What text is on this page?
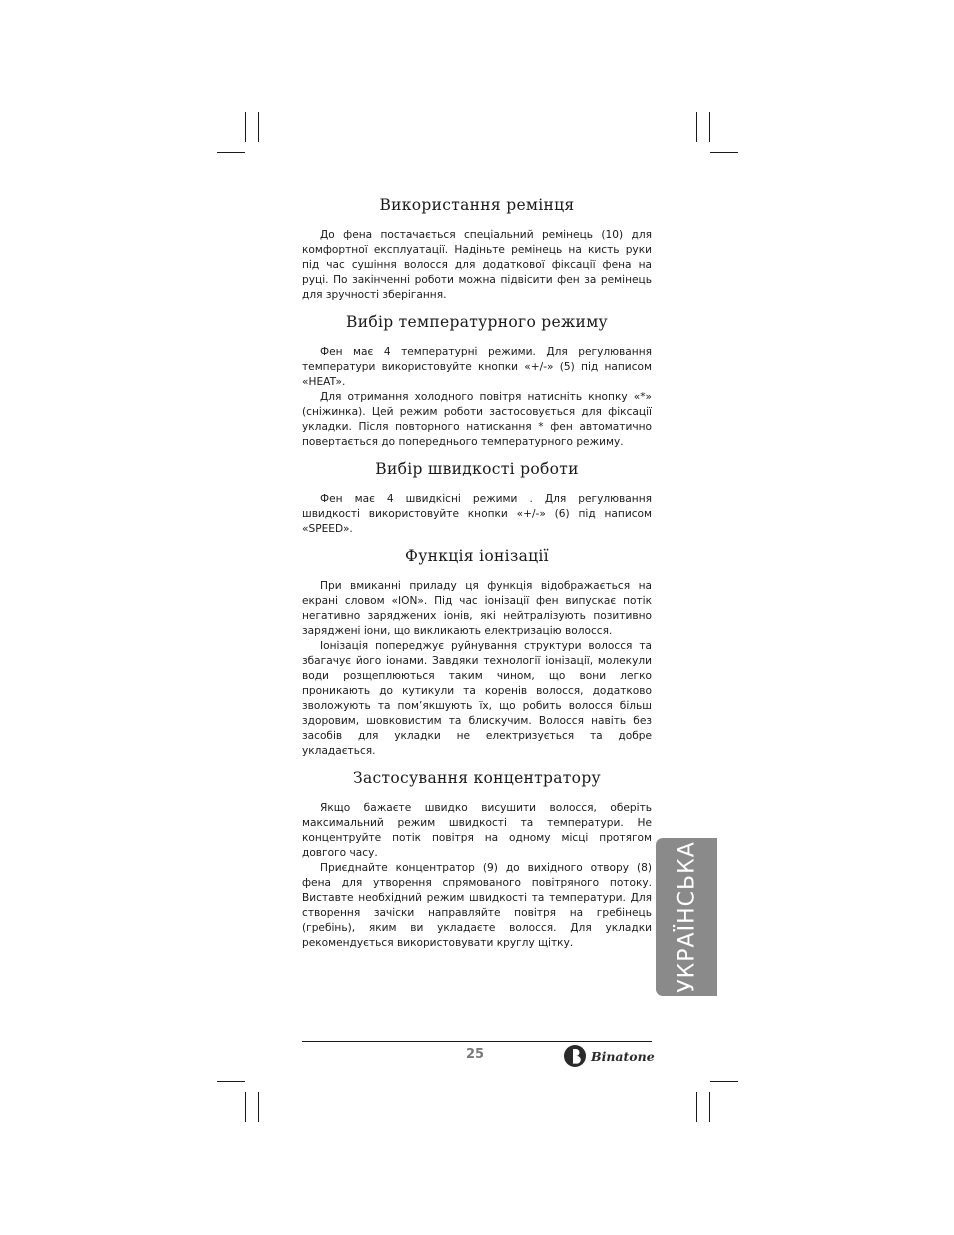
Використання ремінця

До фена постачається спеціальний ремінець (10) для комфортної експлуатації. Надіньте ремінець на кисть руки під час сушіння волосся для додаткової фіксації фена на руці. По закінченні роботи можна підвісити фен за ремінець для зручності зберігання.

Вибір температурного режиму

Фен має 4 температурні режими. Для регулювання температури використовуйте кнопки «+/-» (5) під написом «HEAT».

Для отримання холодного повітря натисніть кнопку «*» (сніжинка). Цей режим роботи застосовується для фіксації укладки. Після повторного натискання * фен автоматично повертається до попереднього температурного режиму.

Вибір швидкості роботи

Фен має 4 швидкісні режими . Для регулювання швидкості використовуйте кнопки «+/-» (6) під написом «SPEED».

Функція іонізації

При вмиканні приладу ця функція відображається на екрані словом «ION». Під час іонізації фен випускає потік негативно заряджених іонів, які нейтралізують позитивно заряджені іони, що викликають електризацію волосся.

Іонізація попереджує руйнування структури волосся та збагачує його іонами. Завдяки технології іонізації, молекули води розщеплюються таким чином, що вони легко проникають до кутикули та коренів волосся, додатково зволожують та пом’якшують їх, що робить волосся більш здоровим, шовковистим та блискучим. Волосся навіть без засобів для укладки не електризується та добре укладається.

Застосування концентратору

Якщо бажаєте швидко висушити волосся, оберіть максимальний режим швидкості та температури. Не концентруйте потік повітря на одному місці протягом довгого часу.

Приєднайте концентратор (9) до вихідного отвору (8) фена для утворення спрямованого повітряного потоку. Виставте необхідний режим швидкості та температури. Для створення зачіски направляйте повітря на гребінець (гребінь), яким ви укладаєте волосся. Для укладки рекомендується використовувати круглу щітку.	УКРАЇНСЬКА
25	Binatone
